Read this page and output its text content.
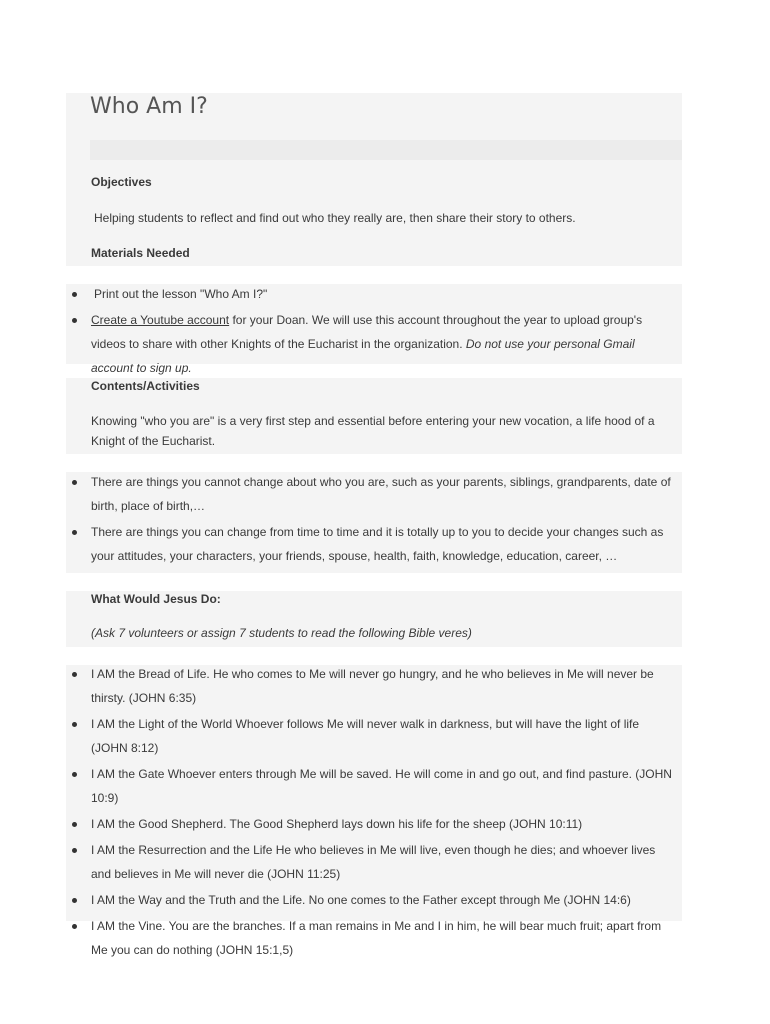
Who Am I?

Objectives

Helping students to reflect and find out who they really are, then share their story to others.

Materials Needed

Print out the lesson "Who Am I?"
Create a Youtube account for your Doan. We will use this account throughout the year to upload group's videos to share with other Knights of the Eucharist in the organization. Do not use your personal Gmail account to sign up.

Contents/Activities

Knowing "who you are" is a very first step and essential before entering your new vocation, a life hood of a Knight of the Eucharist.

There are things you cannot change about who you are, such as your parents, siblings, grandparents, date of birth, place of birth,…
There are things you can change from time to time and it is totally up to you to decide your changes such as your attitudes, your characters, your friends, spouse, health, faith, knowledge, education, career, …

What Would Jesus Do:

(Ask 7 volunteers or assign 7 students to read the following Bible veres)

I AM the Bread of Life. He who comes to Me will never go hungry, and he who believes in Me will never be thirsty. (JOHN 6:35)
I AM the Light of the World Whoever follows Me will never walk in darkness, but will have the light of life (JOHN 8:12)
I AM the Gate Whoever enters through Me will be saved. He will come in and go out, and find pasture. (JOHN 10:9)
I AM the Good Shepherd. The Good Shepherd lays down his life for the sheep (JOHN 10:11)
I AM the Resurrection and the Life He who believes in Me will live, even though he dies; and whoever lives and believes in Me will never die (JOHN 11:25)
I AM the Way and the Truth and the Life. No one comes to the Father except through Me (JOHN 14:6)
I AM the Vine. You are the branches. If a man remains in Me and I in him, he will bear much fruit; apart from Me you can do nothing (JOHN 15:1,5)
